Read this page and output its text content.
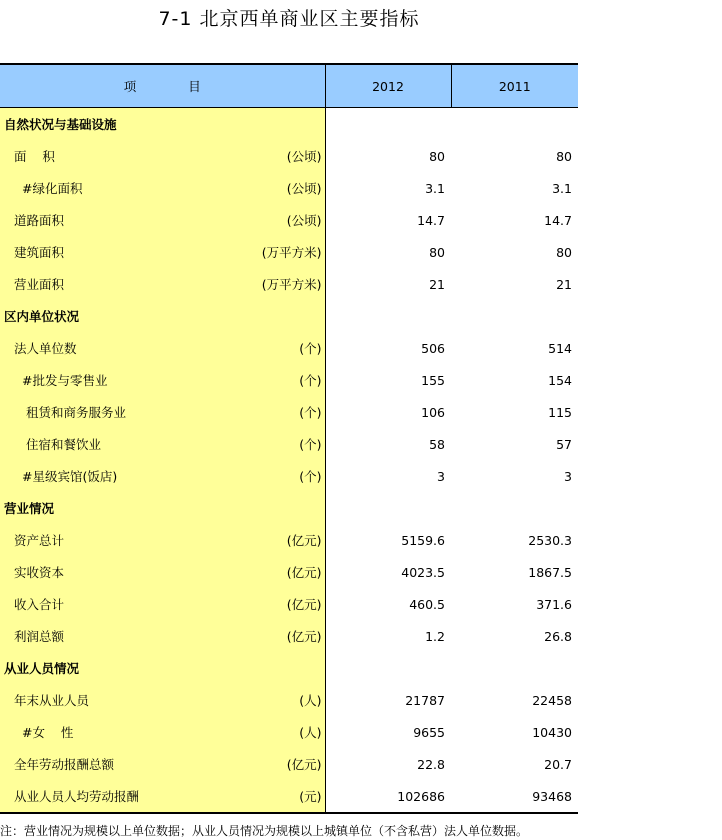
7-1 北京西单商业区主要指标
项 目		2012	2011
自然状况与基础设施			
面    积	(公顷)	80	80
#绿化面积	(公顷)	3.1	3.1
道路面积	(公顷)	14.7	14.7
建筑面积	(万平方米)	80	80
营业面积	(万平方米)	21	21
区内单位状况			
法人单位数	(个)	506	514
#批发与零售业	(个)	155	154
租赁和商务服务业	(个)	106	115
住宿和餐饮业	(个)	58	57
#星级宾馆(饭店)	(个)	3	3
营业情况			
资产总计	(亿元)	5159.6	2530.3
实收资本	(亿元)	4023.5	1867.5
收入合计	(亿元)	460.5	371.6
利润总额	(亿元)	1.2	26.8
从业人员情况			
年末从业人员	(人)	21787	22458
#女    性	(人)	9655	10430
全年劳动报酬总额	(亿元)	22.8	20.7
从业人员人均劳动报酬	(元)	102686	93468
注：营业情况为规模以上单位数据；从业人员情况为规模以上城镇单位（不含私营）法人单位数据。
